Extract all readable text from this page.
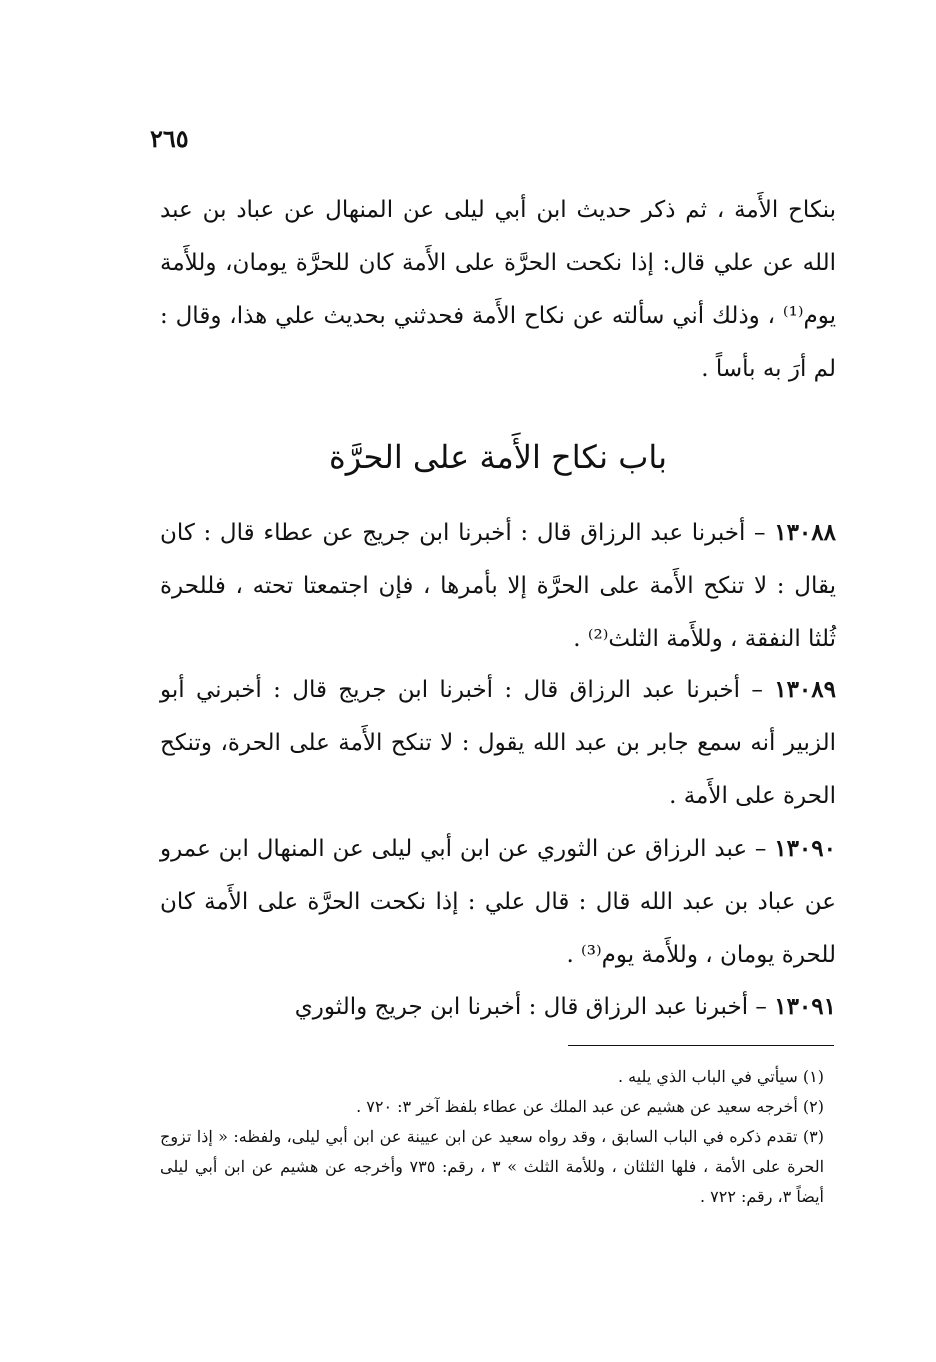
٢٦٥

بنكاح الأَمة ، ثم ذكر حديث ابن أبي ليلى عن المنهال عن عباد بن عبد الله عن علي قال: إذا نكحت الحرَّة على الأَمة كان للحرَّة يومان، وللأَمة يوم⁽¹⁾ ، وذلك أني سألته عن نكاح الأَمة فحدثني بحديث علي هذا، وقال : لم أرَ به بأساً .

باب نكاح الأَمة على الحرَّة

١٣٠٨٨ – أخبرنا عبد الرزاق قال : أخبرنا ابن جريج عن عطاء قال : كان يقال : لا تنكح الأَمة على الحرَّة إلا بأمرها ، فإن اجتمعتا تحته ، فللحرة ثُلثا النفقة ، وللأَمة الثلث⁽²⁾ .

١٣٠٨٩ – أخبرنا عبد الرزاق قال : أخبرنا ابن جريج قال : أخبرني أبو الزبير أنه سمع جابر بن عبد الله يقول : لا تنكح الأَمة على الحرة، وتنكح الحرة على الأَمة .

١٣٠٩٠ – عبد الرزاق عن الثوري عن ابن أبي ليلى عن المنهال ابن عمرو عن عباد بن عبد الله قال : قال علي : إذا نكحت الحرَّة على الأَمة كان للحرة يومان ، وللأَمة يوم⁽³⁾ .

١٣٠٩١ – أخبرنا عبد الرزاق قال : أخبرنا ابن جريج والثوري

(١) سيأتي في الباب الذي يليه .

(٢) أخرجه سعيد عن هشيم عن عبد الملك عن عطاء بلفظ آخر ٣: ٧٢٠ .

(٣) تقدم ذكره في الباب السابق ، وقد رواه سعيد عن ابن عيينة عن ابن أبي ليلى، ولفظه: « إذا تزوج الحرة على الأمة ، فلها الثلثان ، وللأمة الثلث » ٣ ، رقم: ٧٣٥ وأخرجه عن هشيم عن ابن أبي ليلى أيضاً ٣، رقم: ٧٢٢ .
